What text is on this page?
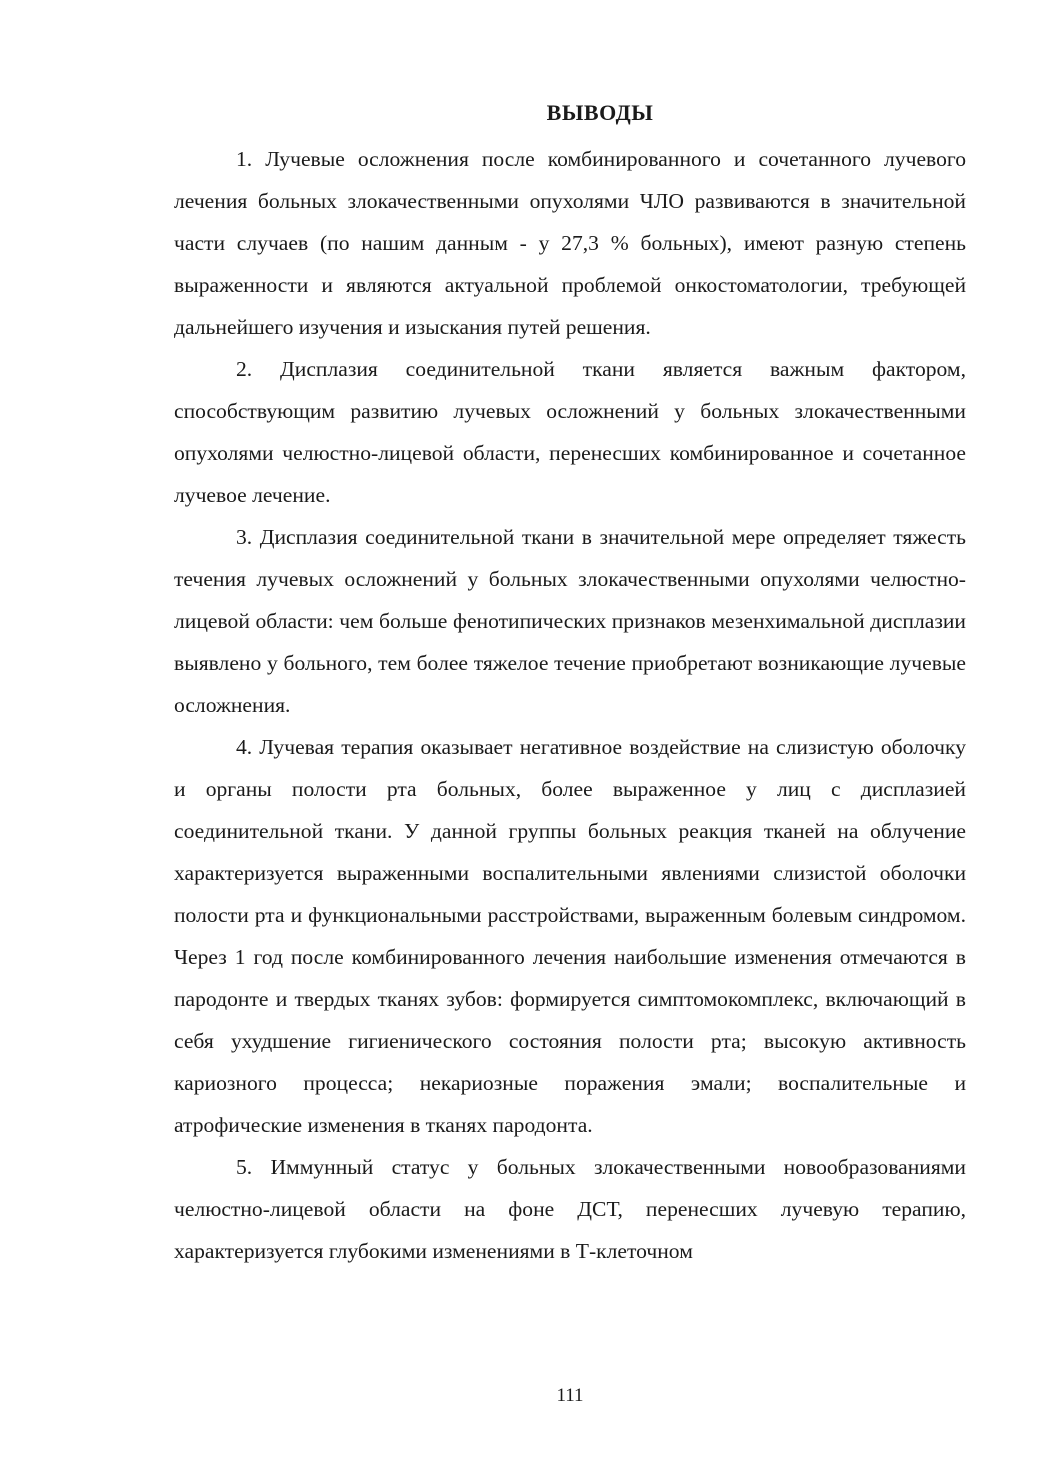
ВЫВОДЫ

1. Лучевые осложнения после комбинированного и сочетанного лучевого лечения больных злокачественными опухолями ЧЛО развиваются в значительной части случаев (по нашим данным - у 27,3 % больных), имеют разную степень выраженности и являются актуальной проблемой онкостоматологии, требующей дальнейшего изучения и изыскания путей решения.

2. Дисплазия соединительной ткани является важным фактором, способствующим развитию лучевых осложнений у больных злокачественными опухолями челюстно-лицевой области, перенесших комбинированное и сочетанное лучевое лечение.

3. Дисплазия соединительной ткани в значительной мере определяет тяжесть течения лучевых осложнений у больных злокачественными опухолями челюстно-лицевой области: чем больше фенотипических признаков мезенхимальной дисплазии выявлено у больного, тем более тяжелое течение приобретают возникающие лучевые осложнения.

4. Лучевая терапия оказывает негативное воздействие на слизистую оболочку и органы полости рта больных, более выраженное у лиц с дисплазией соединительной ткани. У данной группы больных реакция тканей на облучение характеризуется выраженными воспалительными явлениями слизистой оболочки полости рта и функциональными расстройствами, выраженным болевым синдромом. Через 1 год после комбинированного лечения наибольшие изменения отмечаются в пародонте и твердых тканях зубов: формируется симптомокомплекс, включающий в себя ухудшение гигиенического состояния полости рта; высокую активность кариозного процесса; некариозные поражения эмали; воспалительные и атрофические изменения в тканях пародонта.

5. Иммунный статус у больных злокачественными новообразованиями челюстно-лицевой области на фоне ДСТ, перенесших лучевую терапию, характеризуется глубокими изменениями в Т-клеточном

111
